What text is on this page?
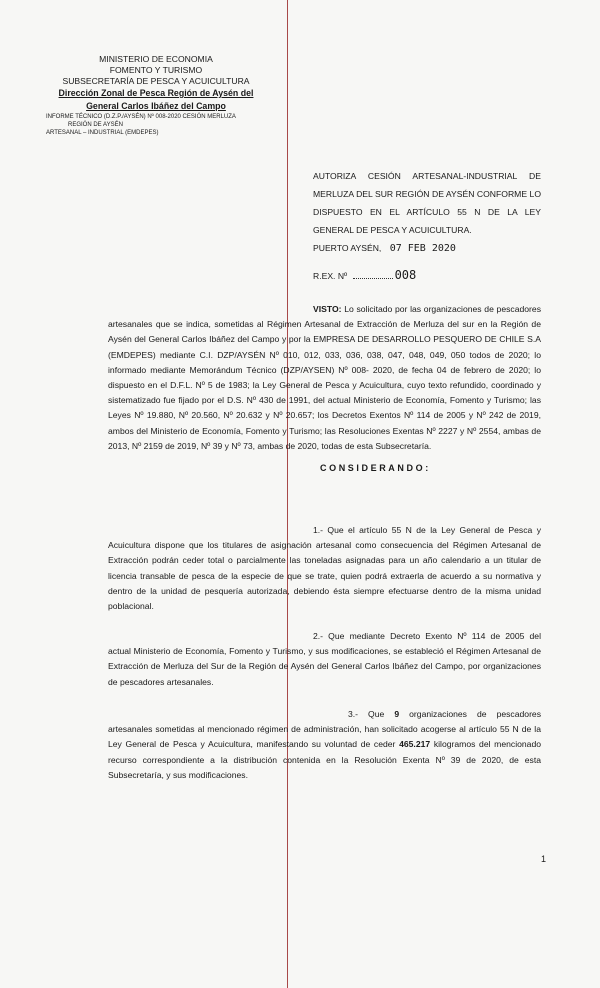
MINISTERIO DE ECONOMIA
FOMENTO Y TURISMO
SUBSECRETARÍA DE PESCA Y ACUICULTURA
Dirección Zonal de Pesca Región de Aysén del
General Carlos Ibáñez del Campo
INFORME TÉCNICO (D.Z.P./AYSÉN) Nº 008-2020 CESIÓN MERLUZA
REGIÓN DE AYSÉN
ARTESANAL – INDUSTRIAL (EMDEPES)
AUTORIZA CESIÓN ARTESANAL-INDUSTRIAL DE MERLUZA DEL SUR REGIÓN DE AYSÉN CONFORME LO DISPUESTO EN EL ARTÍCULO 55 N DE LA LEY GENERAL DE PESCA Y ACUICULTURA.
PUERTO AYSÉN, 07 FEB 2020
R.EX. Nº	008
VISTO: Lo solicitado por las organizaciones de pescadores artesanales que se indica, sometidas al Régimen Artesanal de Extracción de Merluza del sur en la Región de Aysén del General Carlos Ibáñez del Campo y por la EMPRESA DE DESARROLLO PESQUERO DE CHILE S.A (EMDEPES) mediante C.I. DZP/AYSÉN Nº 010, 012, 033, 036, 038, 047, 048, 049, 050 todos de 2020; lo informado mediante Memorándum Técnico (DZP/AYSEN) Nº 008- 2020, de fecha 04 de febrero de 2020; lo dispuesto en el D.F.L. Nº 5 de 1983; la Ley General de Pesca y Acuicultura, cuyo texto refundido, coordinado y sistematizado fue fijado por el D.S. Nº 430 de 1991, del actual Ministerio de Economía, Fomento y Turismo; las Leyes Nº 19.880, Nº 20.560, Nº 20.632 y Nº 20.657; los Decretos Exentos Nº 114 de 2005 y Nº 242 de 2019, ambos del Ministerio de Economía, Fomento y Turismo; las Resoluciones Exentas Nº 2227 y Nº 2554, ambas de 2013, Nº 2159 de 2019, Nº 39 y Nº 73, ambas de 2020, todas de esta Subsecretaría.
CONSIDERANDO:
1.- Que el artículo 55 N de la Ley General de Pesca y Acuicultura dispone que los titulares de asignación artesanal como consecuencia del Régimen Artesanal de Extracción podrán ceder total o parcialmente las toneladas asignadas para un año calendario a un titular de licencia transable de pesca de la especie de que se trate, quien podrá extraerla de acuerdo a su normativa y dentro de la unidad de pesquería autorizada, debiendo ésta siempre efectuarse dentro de la misma unidad poblacional.
2.- Que mediante Decreto Exento Nº 114 de 2005 del actual Ministerio de Economía, Fomento y Turismo, y sus modificaciones, se estableció el Régimen Artesanal de Extracción de Merluza del Sur de la Región de Aysén del General Carlos Ibáñez del Campo, por organizaciones de pescadores artesanales.
3.- Que 9 organizaciones de pescadores artesanales sometidas al mencionado régimen de administración, han solicitado acogerse al artículo 55 N de la Ley General de Pesca y Acuicultura, manifestando su voluntad de ceder 465.217 kilogramos del mencionado recurso correspondiente a la distribución contenida en la Resolución Exenta Nº 39 de 2020, de esta Subsecretaría, y sus modificaciones.
1
